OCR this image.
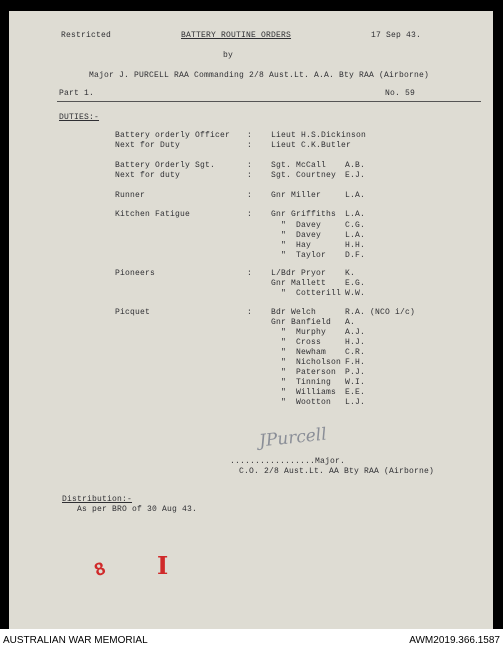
Restricted	BATTERY ROUTINE ORDERS	17 Sep 43.
by
Major J. PURCELL RAA Commanding 2/8 Aust.Lt. A.A. Bty RAA (Airborne)
Part 1.	No. 59
DUTIES:-
Battery orderly Officer : Lieut H.S.Dickinson
Next for Duty	: Lieut C.K.Butler
Battery Orderly Sgt.	: Sgt. McCall A.B.
Next for duty	: Sgt. Courtney E.J.
Runner	: Gnr Miller	L.A.
Kitchen Fatigue	: Gnr Griffiths L.A.
"  Davey	C.G.
"  Davey	L.A.
"  Hay	H.H.
"  Taylor D.F.
Pioneers	: L/Bdr Pryor K.
Gnr Mallett E.G.
"  Cotterill W.W.
Picquet	: Bdr Welch	R.A. (NCO i/c)
Gnr Banfield A.
"  Murphy A.J.
"  Cross	H.J.
"  Newham C.R.
"  Nicholson F.H.
"  Paterson P.J.
"  Tinning W.I.
"  Williams E.E.
"  Wootton L.J.
JPurcell
.................Major.
C.O. 2/8 Aust.Lt. AA Bty RAA (Airborne)
Distribution:-
As per BRO of 30 Aug 43.
8 I
AUSTRALIAN WAR MEMORIAL	AWM2019.366.1587
